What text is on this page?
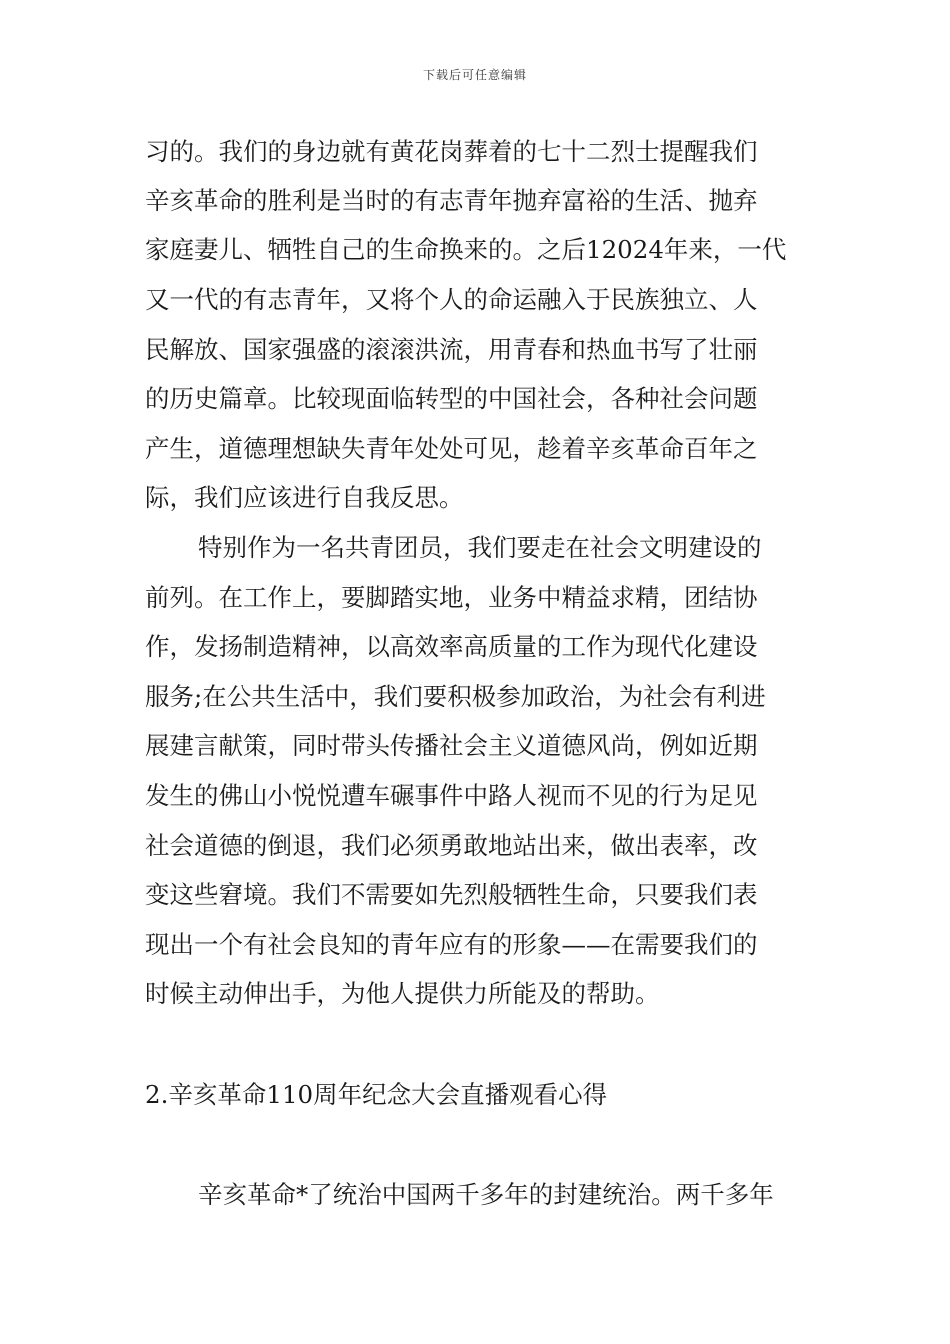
下载后可任意编辑
习的。我们的身边就有黄花岗葬着的七十二烈士提醒我们
辛亥革命的胜利是当时的有志青年抛弃富裕的生活、抛弃
家庭妻儿、牺牲自己的生命换来的。之后12024年来，一代
又一代的有志青年，又将个人的命运融入于民族独立、人
民解放、国家强盛的滚滚洪流，用青春和热血书写了壮丽
的历史篇章。比较现面临转型的中国社会，各种社会问题
产生，道德理想缺失青年处处可见，趁着辛亥革命百年之
际，我们应该进行自我反思。
特别作为一名共青团员，我们要走在社会文明建设的
前列。在工作上，要脚踏实地，业务中精益求精，团结协
作，发扬制造精神，以高效率高质量的工作为现代化建设
服务;在公共生活中，我们要积极参加政治，为社会有利进
展建言献策，同时带头传播社会主义道德风尚，例如近期
发生的佛山小悦悦遭车碾事件中路人视而不见的行为足见
社会道德的倒退，我们必须勇敢地站出来，做出表率，改
变这些窘境。我们不需要如先烈般牺牲生命，只要我们表
现出一个有社会良知的青年应有的形象——在需要我们的
时候主动伸出手，为他人提供力所能及的帮助。
2.辛亥革命110周年纪念大会直播观看心得
辛亥革命*了统治中国两千多年的封建统治。两千多年
